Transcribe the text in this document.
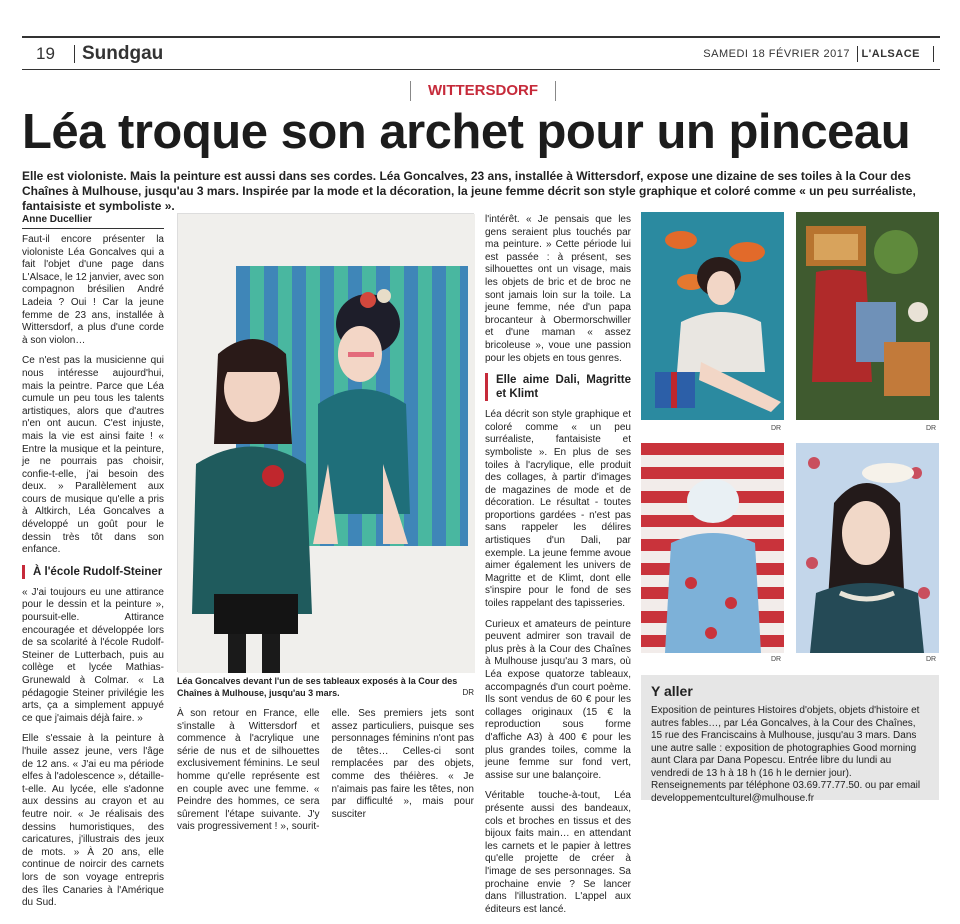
19 Sundgau	SAMEDI 18 FÉVRIER 2017 L'ALSACE
WITTERSDORF
Léa troque son archet pour un pinceau
Elle est violoniste. Mais la peinture est aussi dans ses cordes. Léa Goncalves, 23 ans, installée à Wittersdorf, expose une dizaine de ses toiles à la Cour des Chaînes à Mulhouse, jusqu'au 3 mars. Inspirée par la mode et la décoration, la jeune femme décrit son style graphique et coloré comme « un peu surréaliste, fantaisiste et symboliste ».
Anne Ducellier

Faut-il encore présenter la violoniste Léa Goncalves qui a fait l'objet d'une page dans L'Alsace, le 12 janvier, avec son compagnon brésilien André Ladeia ? Oui ! Car la jeune femme de 23 ans, installée à Wittersdorf, a plus d'une corde à son violon…

Ce n'est pas la musicienne qui nous intéresse aujourd'hui, mais la peintre. Parce que Léa cumule un peu tous les talents artistiques, alors que d'autres n'en ont aucun. C'est injuste, mais la vie est ainsi faite ! « Entre la musique et la peinture, je ne pourrais pas choisir, confie-t-elle, j'ai besoin des deux. » Parallèlement aux cours de musique qu'elle a pris à Altkirch, Léa Goncalves a développé un goût pour le dessin très tôt dans son enfance.

À l'école Rudolf-Steiner

« J'ai toujours eu une attirance pour le dessin et la peinture », poursuit-elle. Attirance encouragée et développée lors de sa scolarité à l'école Rudolf-Steiner de Lutterbach, puis au collège et lycée Mathias-Grunewald à Colmar. « La pédagogie Steiner privilégie les arts, ça a simplement appuyé ce que j'aimais déjà faire. »

Elle s'essaie à la peinture à l'huile assez jeune, vers l'âge de 12 ans. « J'ai eu ma période elfes à l'adolescence », détaille-t-elle. Au lycée, elle s'adonne aux dessins au crayon et au feutre noir. « Je réalisais des dessins humoristiques, des caricatures, j'illustrais des jeux de mots. » À 20 ans, elle continue de noircir des carnets lors de son voyage entrepris des îles Canaries à l'Amérique du Sud.

Léa Goncalves devant l'un de ses tableaux exposés à la Cour des Chaînes à Mulhouse, jusqu'au 3 mars.	DR

À son retour en France, elle s'installe à Wittersdorf et commence à l'acrylique une série de nus et de silhouettes exclusivement féminins. Le seul homme qu'elle représente est en couple avec une femme. « Peindre des hommes, ce sera sûrement l'étape suivante. J'y vais progressivement ! », sourit-elle. Ses premiers jets sont assez particuliers, puisque ses personnages féminins n'ont pas de têtes… Celles-ci sont remplacées par des objets, comme des théières. « Je n'aimais pas faire les têtes, non par difficulté », mais pour susciter

l'intérêt. « Je pensais que les gens seraient plus touchés par ma peinture. » Cette période lui est passée : à présent, ses silhouettes ont un visage, mais les objets de bric et de broc ne sont jamais loin sur la toile. La jeune femme, née d'un papa brocanteur à Obermorschwiller et d'une maman « assez bricoleuse », voue une passion pour les objets en tous genres.

Elle aime Dali, Magritte et Klimt

Léa décrit son style graphique et coloré comme « un peu surréaliste, fantaisiste et symboliste ». En plus de ses toiles à l'acrylique, elle produit des collages, à partir d'images de magazines de mode et de décoration. Le résultat - toutes proportions gardées - n'est pas sans rappeler les délires artistiques d'un Dali, par exemple. La jeune femme avoue aimer également les univers de Magritte et de Klimt, dont elle s'inspire pour le fond de ses toiles rappelant des tapisseries.

Curieux et amateurs de peinture peuvent admirer son travail de plus près à la Cour des Chaînes à Mulhouse jusqu'au 3 mars, où Léa expose quatorze tableaux, accompagnés d'un court poème. Ils sont vendus de 60 € pour les collages originaux (15 € la reproduction sous forme d'affiche A3) à 400 € pour les plus grandes toiles, comme la jeune femme sur fond vert, assise sur une balançoire.

Véritable touche-à-tout, Léa présente aussi des bandeaux, cols et broches en tissus et des bijoux faits main… en attendant les carnets et le papier à lettres qu'elle projette de créer à l'image de ses personnages. Sa prochaine envie ? Se lancer dans l'illustration. L'appel aux éditeurs est lancé.

DR	DR
DR	DR
Y aller
Exposition de peintures Histoires d'objets, objets d'histoire et autres fables…, par Léa Goncalves, à la Cour des Chaînes, 15 rue des Franciscains à Mulhouse, jusqu'au 3 mars. Dans une autre salle : exposition de photographies Good morning aunt Clara par Dana Popescu. Entrée libre du lundi au vendredi de 13 h à 18 h (16 h le dernier jour). Renseignements par téléphone 03.69.77.77.50. ou par email developpementculturel@mulhouse.fr
